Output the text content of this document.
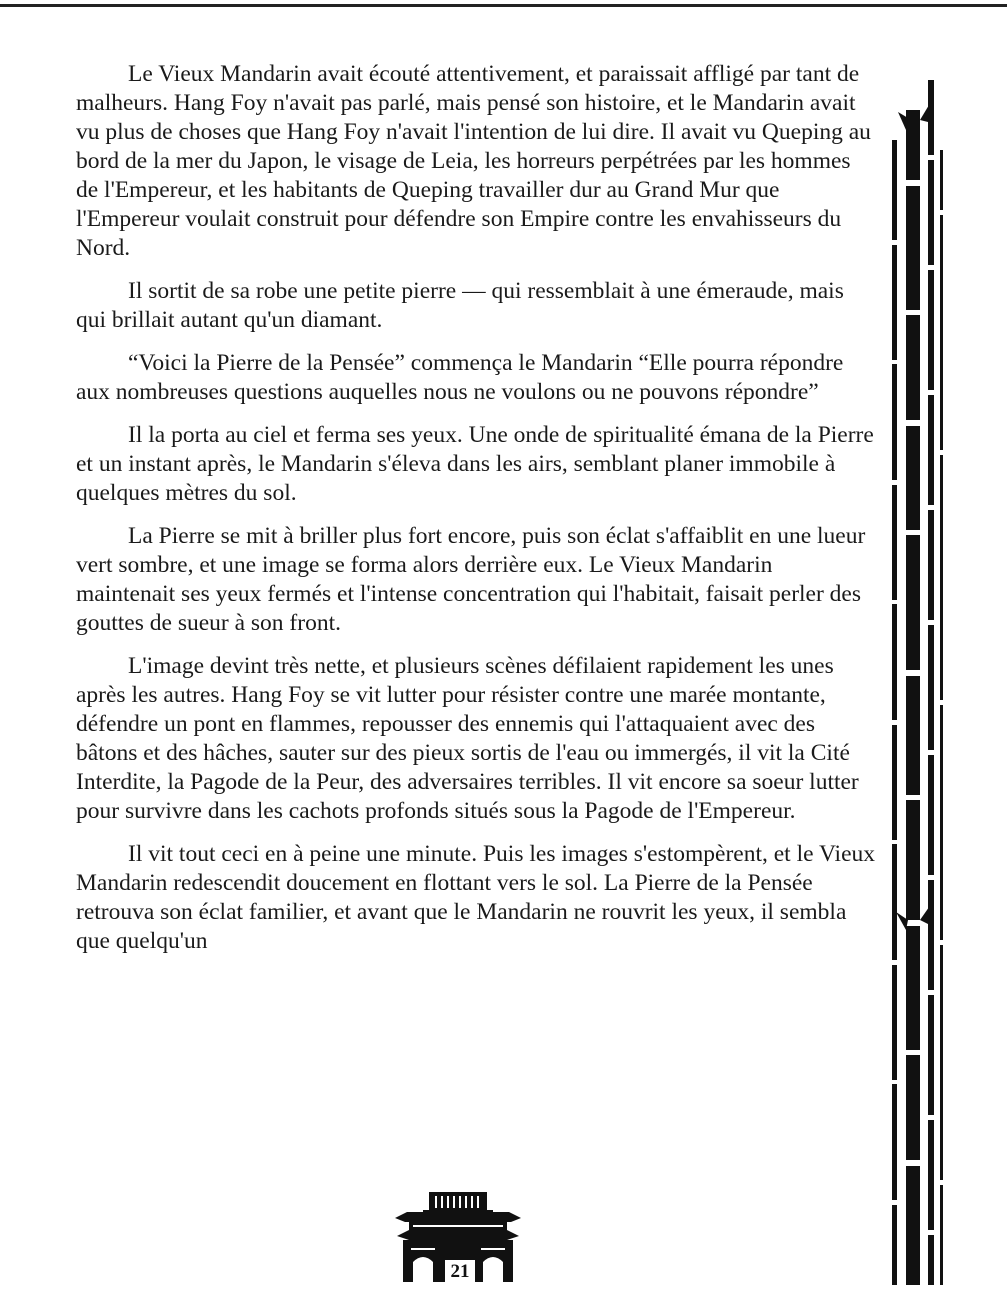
Le Vieux Mandarin avait écouté attentivement, et paraissait affligé par tant de malheurs. Hang Foy n'avait pas parlé, mais pensé son histoire, et le Mandarin avait vu plus de choses que Hang Foy n'avait l'intention de lui dire. Il avait vu Queping au bord de la mer du Japon, le visage de Leia, les horreurs perpétrées par les hommes de l'Empereur, et les habitants de Queping travailler dur au Grand Mur que l'Empereur voulait construit pour défendre son Empire contre les envahisseurs du Nord.

Il sortit de sa robe une petite pierre — qui ressemblait à une émeraude, mais qui brillait autant qu'un diamant.

“Voici la Pierre de la Pensée” commença le Mandarin “Elle pourra répondre aux nombreuses questions auquelles nous ne voulons ou ne pouvons répondre”

Il la porta au ciel et ferma ses yeux. Une onde de spiritualité émana de la Pierre et un instant après, le Mandarin s'éleva dans les airs, semblant planer immobile à quelques mètres du sol.

La Pierre se mit à briller plus fort encore, puis son éclat s'affaiblit en une lueur vert sombre, et une image se forma alors derrière eux. Le Vieux Mandarin maintenait ses yeux fermés et l'intense concentration qui l'habitait, faisait perler des gouttes de sueur à son front.

L'image devint très nette, et plusieurs scènes défilaient rapidement les unes après les autres. Hang Foy se vit lutter pour résister contre une marée montante, défendre un pont en flammes, repousser des ennemis qui l'attaquaient avec des bâtons et des hâches, sauter sur des pieux sortis de l'eau ou immergés, il vit la Cité Interdite, la Pagode de la Peur, des adversaires terribles. Il vit encore sa soeur lutter pour survivre dans les cachots profonds situés sous la Pagode de l'Empereur.

Il vit tout ceci en à peine une minute. Puis les images s'estompèrent, et le Vieux Mandarin redescendit doucement en flottant vers le sol. La Pierre de la Pensée retrouva son éclat familier, et avant que le Mandarin ne rouvrit les yeux, il sembla que quelqu'un

21
